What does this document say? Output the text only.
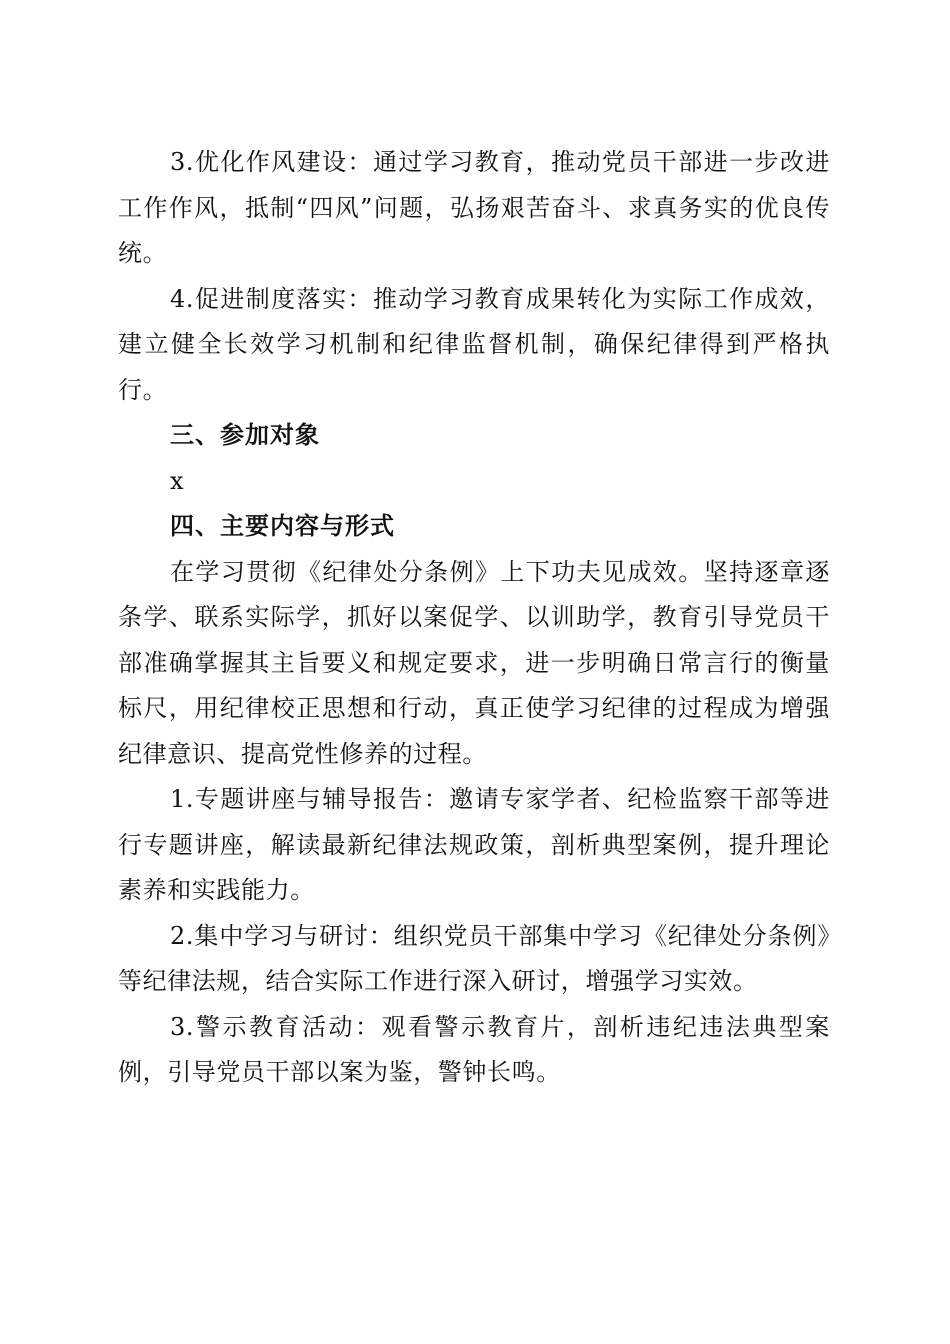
3.优化作风建设：通过学习教育，推动党员干部进一步改进工作作风，抵制“四风”问题，弘扬艰苦奋斗、求真务实的优良传统。

4.促进制度落实：推动学习教育成果转化为实际工作成效，建立健全长效学习机制和纪律监督机制，确保纪律得到严格执行。

三、参加对象

x

四、主要内容与形式

在学习贯彻《纪律处分条例》上下功夫见成效。坚持逐章逐条学、联系实际学，抓好以案促学、以训助学，教育引导党员干部准确掌握其主旨要义和规定要求，进一步明确日常言行的衡量标尺，用纪律校正思想和行动，真正使学习纪律的过程成为增强纪律意识、提高党性修养的过程。

1.专题讲座与辅导报告：邀请专家学者、纪检监察干部等进行专题讲座，解读最新纪律法规政策，剖析典型案例，提升理论素养和实践能力。

2.集中学习与研讨：组织党员干部集中学习《纪律处分条例》等纪律法规，结合实际工作进行深入研讨，增强学习实效。

3.警示教育活动：观看警示教育片，剖析违纪违法典型案例，引导党员干部以案为鉴，警钟长鸣。
